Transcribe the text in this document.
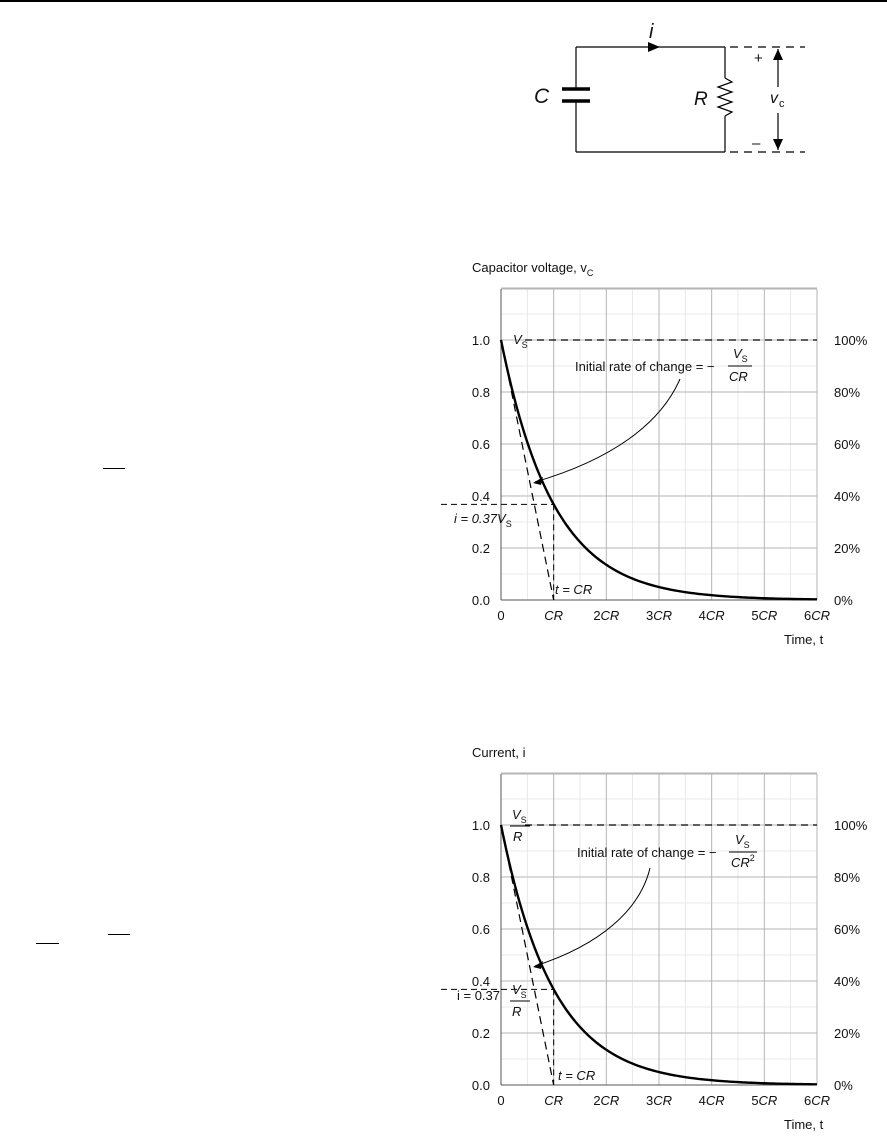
i
C	R
+
–
v c
Capacitor voltage, $v_C$
0.0
0.2
0.4
0.6
0.8
1.0
0%
20%
40%
60%
80%
100%
0	CR 2CR 3CR 4CR 5CR 6CR
$V_S$
Initial rate of change = −
$V_S$
CR
$i = 0.37V_S$
t = CR
Time, t
Current, i
0.0
0.2
0.4
0.6
0.8
1.0
0%
20%
40%
60%
80%
100%
0	CR 2CR 3CR 4CR 5CR 6CR
$V_S$
R
Initial rate of change = −
$V_S$
$CR^2$
i = 0.37 $V_S$
R
t = CR
Time, t
